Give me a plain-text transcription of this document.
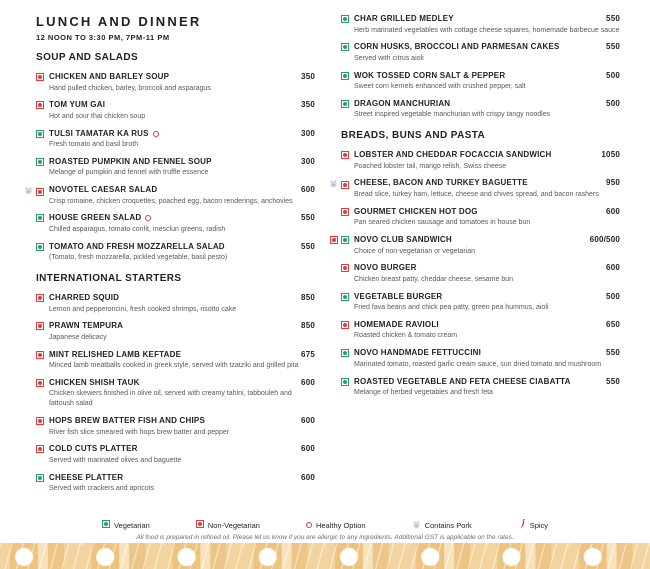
LUNCH AND DINNER
12 NOON TO 3:30 PM, 7PM-11 PM
SOUP AND SALADS
CHICKEN AND BARLEY SOUP	350
Hand pulled chicken, barley, broccoli and asparagus
TOM YUM GAI	350
Hot and sour thai chicken soup
TULSI TAMATAR KA RUS	300
Fresh tomato and basil broth
ROASTED PUMPKIN AND FENNEL SOUP	300
Melange of pumpkin and fennel with truffle essence
NOVOTEL CAESAR SALAD	600
Crisp romaine, chicken croquettes, poached egg, bacon renderings, anchovies
HOUSE GREEN SALAD	550
Chilled asparagus, tomato confit, mesclun greens, radish
TOMATO AND FRESH MOZZARELLA SALAD	550
(Tomato, fresh mozzarella, pickled vegetable, basil pesto)
INTERNATIONAL STARTERS
CHARRED SQUID	850
Lemon and pepperoncini, fresh cooked shrimps, risotto cake
PRAWN TEMPURA	850
Japanese delicacy
MINT RELISHED LAMB KEFTADE	675
Minced lamb meatballs cooked in greek style, served with tzatziki and grilled pita
CHICKEN SHISH TAUK	600
Chicken skewers finished in olive oil, served with creamy tahini, tabbouleh and fattoush salad
HOPS BREW BATTER FISH AND CHIPS	600
River fish slice smeared with hops brew batter and pepper
COLD CUTS PLATTER	600
Served with marinated olives and baguette
CHEESE PLATTER	600
Served with crackers and apricots
CHAR GRILLED MEDLEY	550
Herb marinated vegetables with cottage cheese squares, homemade barbecue sauce
CORN HUSKS, BROCCOLI AND PARMESAN CAKES	550
Served with citrus aioli
WOK TOSSED CORN SALT & PEPPER	500
Sweet corn kernels enhanced with crushed pepper, salt
DRAGON MANCHURIAN	500
Street inspired vegetable manchurian with crispy tangy noodles
BREADS, BUNS AND PASTA
LOBSTER AND CHEDDAR FOCACCIA SANDWICH	1050
Poached lobster tail, mango relish, Swiss cheese
CHEESE, BACON AND TURKEY BAGUETTE	950
Bread slice, turkey ham, lettuce, cheese and chives spread, and bacon rashers
GOURMET CHICKEN HOT DOG	600
Pan seared chicken sausage and tomatoes in house bun
NOVO CLUB SANDWICH	600/500
Choice of non-vegetarian or vegetarian
NOVO BURGER	600
Chicken breast patty, cheddar cheese, sesame bun
VEGETABLE BURGER	500
Fried fava beans and chick pea patty, green pea hummus, aioli
HOMEMADE RAVIOLI	650
Roasted chicken & tomato cream
NOVO HANDMADE FETTUCCINI	550
Marinated tomato, roasted garlic cream sauce, sun dried tomato and mushroom
ROASTED VEGETABLE AND FETA CHEESE CIABATTA	550
Melange of herbed vegetables and fresh feta
Vegetarian	Non-Vegetarian	Healthy Option	Contains Pork	Spicy
All food is prepared in refined oil. Please let us know if you are allergic to any ingredients. Additional GST is applicable on the rates.
